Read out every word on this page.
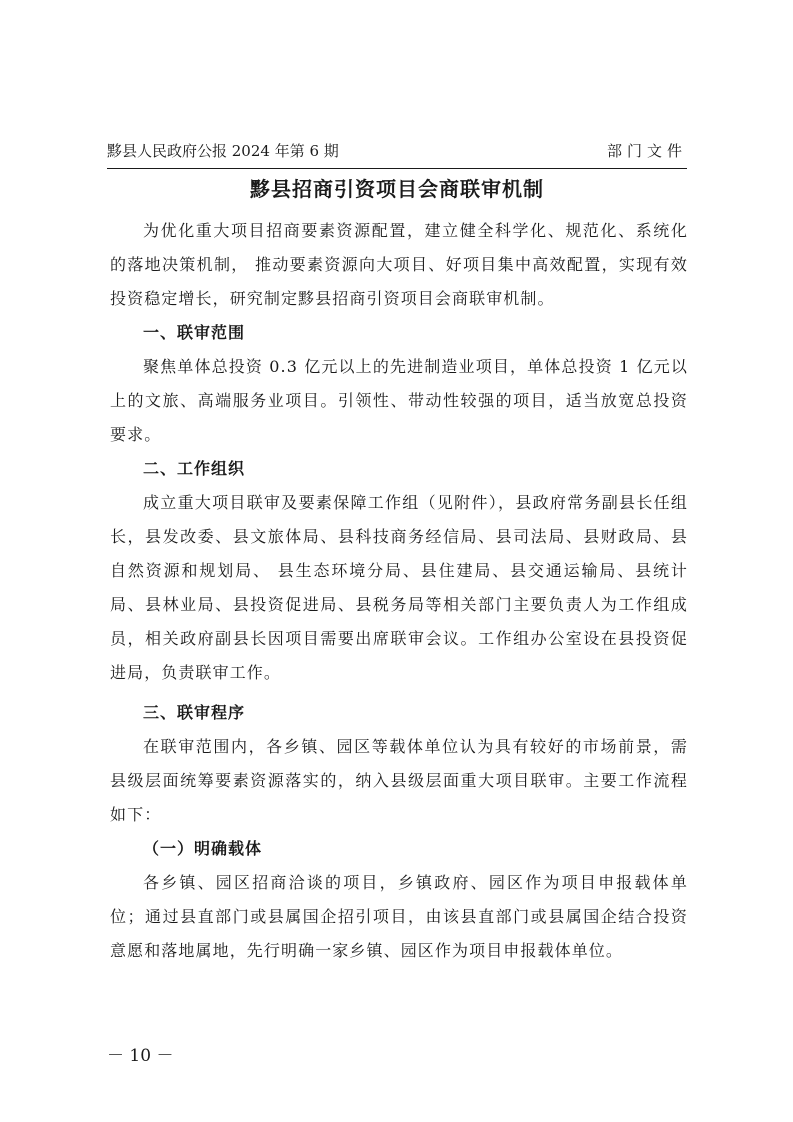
黟县人民政府公报 2024 年第 6 期	部门文件
黟县招商引资项目会商联审机制
为优化重大项目招商要素资源配置，建立健全科学化、规范化、系统化的落地决策机制， 推动要素资源向大项目、好项目集中高效配置，实现有效投资稳定增长，研究制定黟县招商引资项目会商联审机制。
一、联审范围
聚焦单体总投资 0.3 亿元以上的先进制造业项目，单体总投资 1 亿元以上的文旅、高端服务业项目。引领性、带动性较强的项目，适当放宽总投资要求。
二、工作组织
成立重大项目联审及要素保障工作组（见附件），县政府常务副县长任组长，县发改委、县文旅体局、县科技商务经信局、县司法局、县财政局、县自然资源和规划局、 县生态环境分局、县住建局、县交通运输局、县统计局、县林业局、县投资促进局、县税务局等相关部门主要负责人为工作组成员，相关政府副县长因项目需要出席联审会议。工作组办公室设在县投资促进局，负责联审工作。
三、联审程序
在联审范围内，各乡镇、园区等载体单位认为具有较好的市场前景，需县级层面统筹要素资源落实的，纳入县级层面重大项目联审。主要工作流程如下：
（一）明确载体
各乡镇、园区招商洽谈的项目，乡镇政府、园区作为项目申报载体单位；通过县直部门或县属国企招引项目，由该县直部门或县属国企结合投资意愿和落地属地，先行明确一家乡镇、园区作为项目申报载体单位。
－ 10 －
